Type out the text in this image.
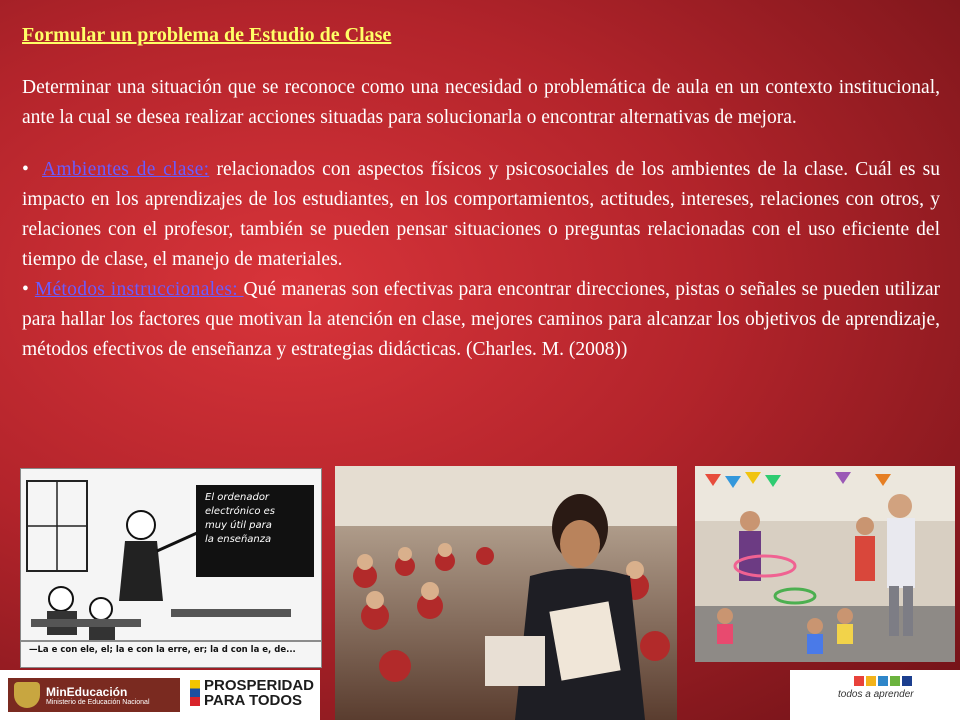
Formular un problema de Estudio de Clase

Determinar una situación que se reconoce como una necesidad o problemática de aula en un contexto institucional, ante la cual se desea realizar acciones situadas para solucionarla o encontrar alternativas de mejora.

• Ambientes de clase: relacionados con aspectos físicos y psicosociales de los ambientes de la clase. Cuál es su impacto en los aprendizajes de los estudiantes, en los comportamientos, actitudes, intereses, relaciones con otros, y relaciones con el profesor, también se pueden pensar situaciones o preguntas relacionadas con el uso eficiente del tiempo de clase, el manejo de materiales.

• Métodos instruccionales: Qué maneras son efectivas para encontrar direcciones, pistas o señales se pueden utilizar para hallar los factores que motivan la atención en clase, mejores caminos para alcanzar los objetivos de aprendizaje, métodos efectivos de enseñanza y estrategias didácticas. (Charles. M. (2008))

El ordenador
electrónico es
muy útil para
la enseñanza
—La e con ele, el; la e con la erre, er; la d con la e, de...
MinEducación
Ministerio de Educación Nacional
PROSPERIDAD
PARA TODOS	todos a aprender
